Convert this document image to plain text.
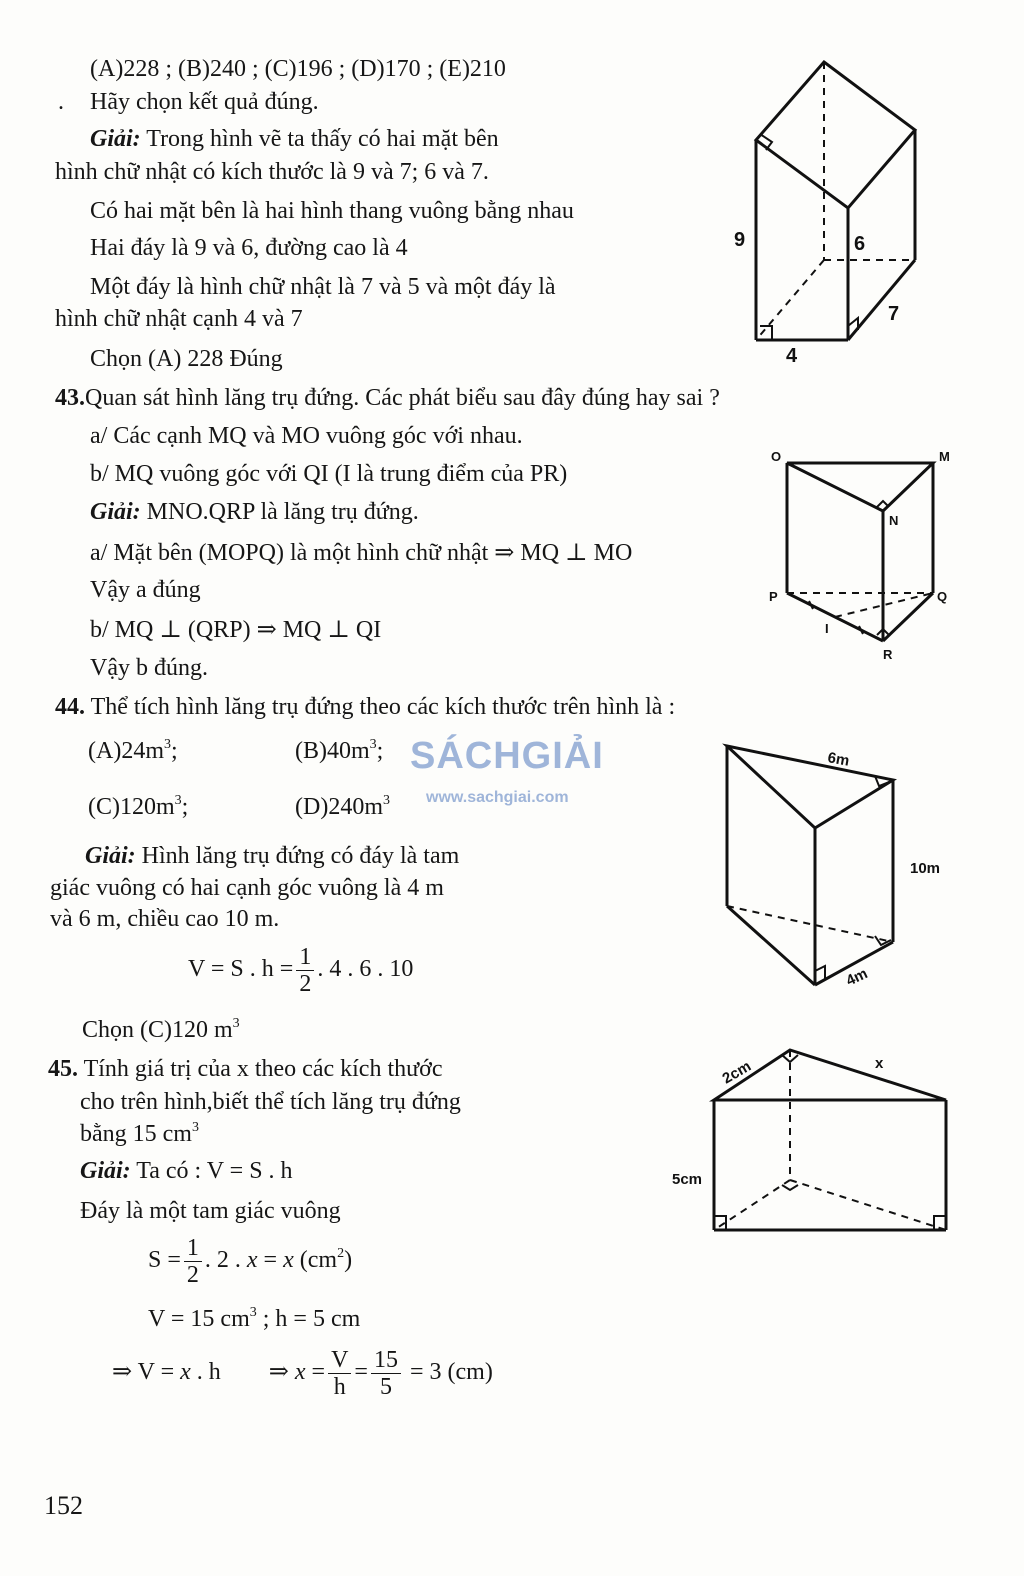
(A)228 ; (B)240 ; (C)196 ; (D)170 ; (E)210
. Hãy chọn kết quả đúng.
Giải: Trong hình vẽ ta thấy có hai mặt bên
hình chữ nhật có kích thước là 9 và 7; 6 và 7.
Có hai mặt bên là hai hình thang vuông bằng nhau
Hai đáy là 9 và 6, đường cao là 4
Một đáy là hình chữ nhật là 7 và 5 và một đáy là
hình chữ nhật cạnh 4 và 7
Chọn (A) 228 Đúng
9	6
7
4
43.Quan sát hình lăng trụ đứng. Các phát biểu sau đây đúng hay sai ?
a/ Các cạnh MQ và MO vuông góc với nhau.
b/ MQ vuông góc với QI (I là trung điểm của PR)
Giải: MNO.QRP là lăng trụ đứng.
a/ Mặt bên (MOPQ) là một hình chữ nhật ⇒ MQ ⊥ MO
Vậy a đúng
b/ MQ ⊥ (QRP) ⇒ MQ ⊥ QI
Vậy b đúng.
O	M
N
P	Q
I
R
44. Thể tích hình lăng trụ đứng theo các kích thước trên hình là :
$(A)24m^3$;	$(B)40m^3$;
$(C)120m^3$;	$(D)240m^3$
Giải: Hình lăng trụ đứng có đáy là tam
giác vuông có hai cạnh góc vuông là 4 m
và 6 m, chiều cao 10 m.
V = S . $h = \frac{1}{2}$ . 4 . 6 . 10
Chọn (C)120 $m^3$
6m
10m
4m
SÁCHGIẢI
www.sachgiai.com
45. Tính giá trị của x theo các kích thước
cho trên hình,biết thể tích lăng trụ đứng
bằng 15 $cm^3$
Giải: Ta có : V = S . h
Đáy là một tam giác vuông
$S = \frac{1}{2}$ . 2 . x = x $(cm^2)$
V = 15 $cm^3$ ; h = 5 cm
⇒ V = x . h ⇒ $x = \frac{V}{h} = \frac{15}{5} = 3$ (cm)
2cm	x
5cm
152
